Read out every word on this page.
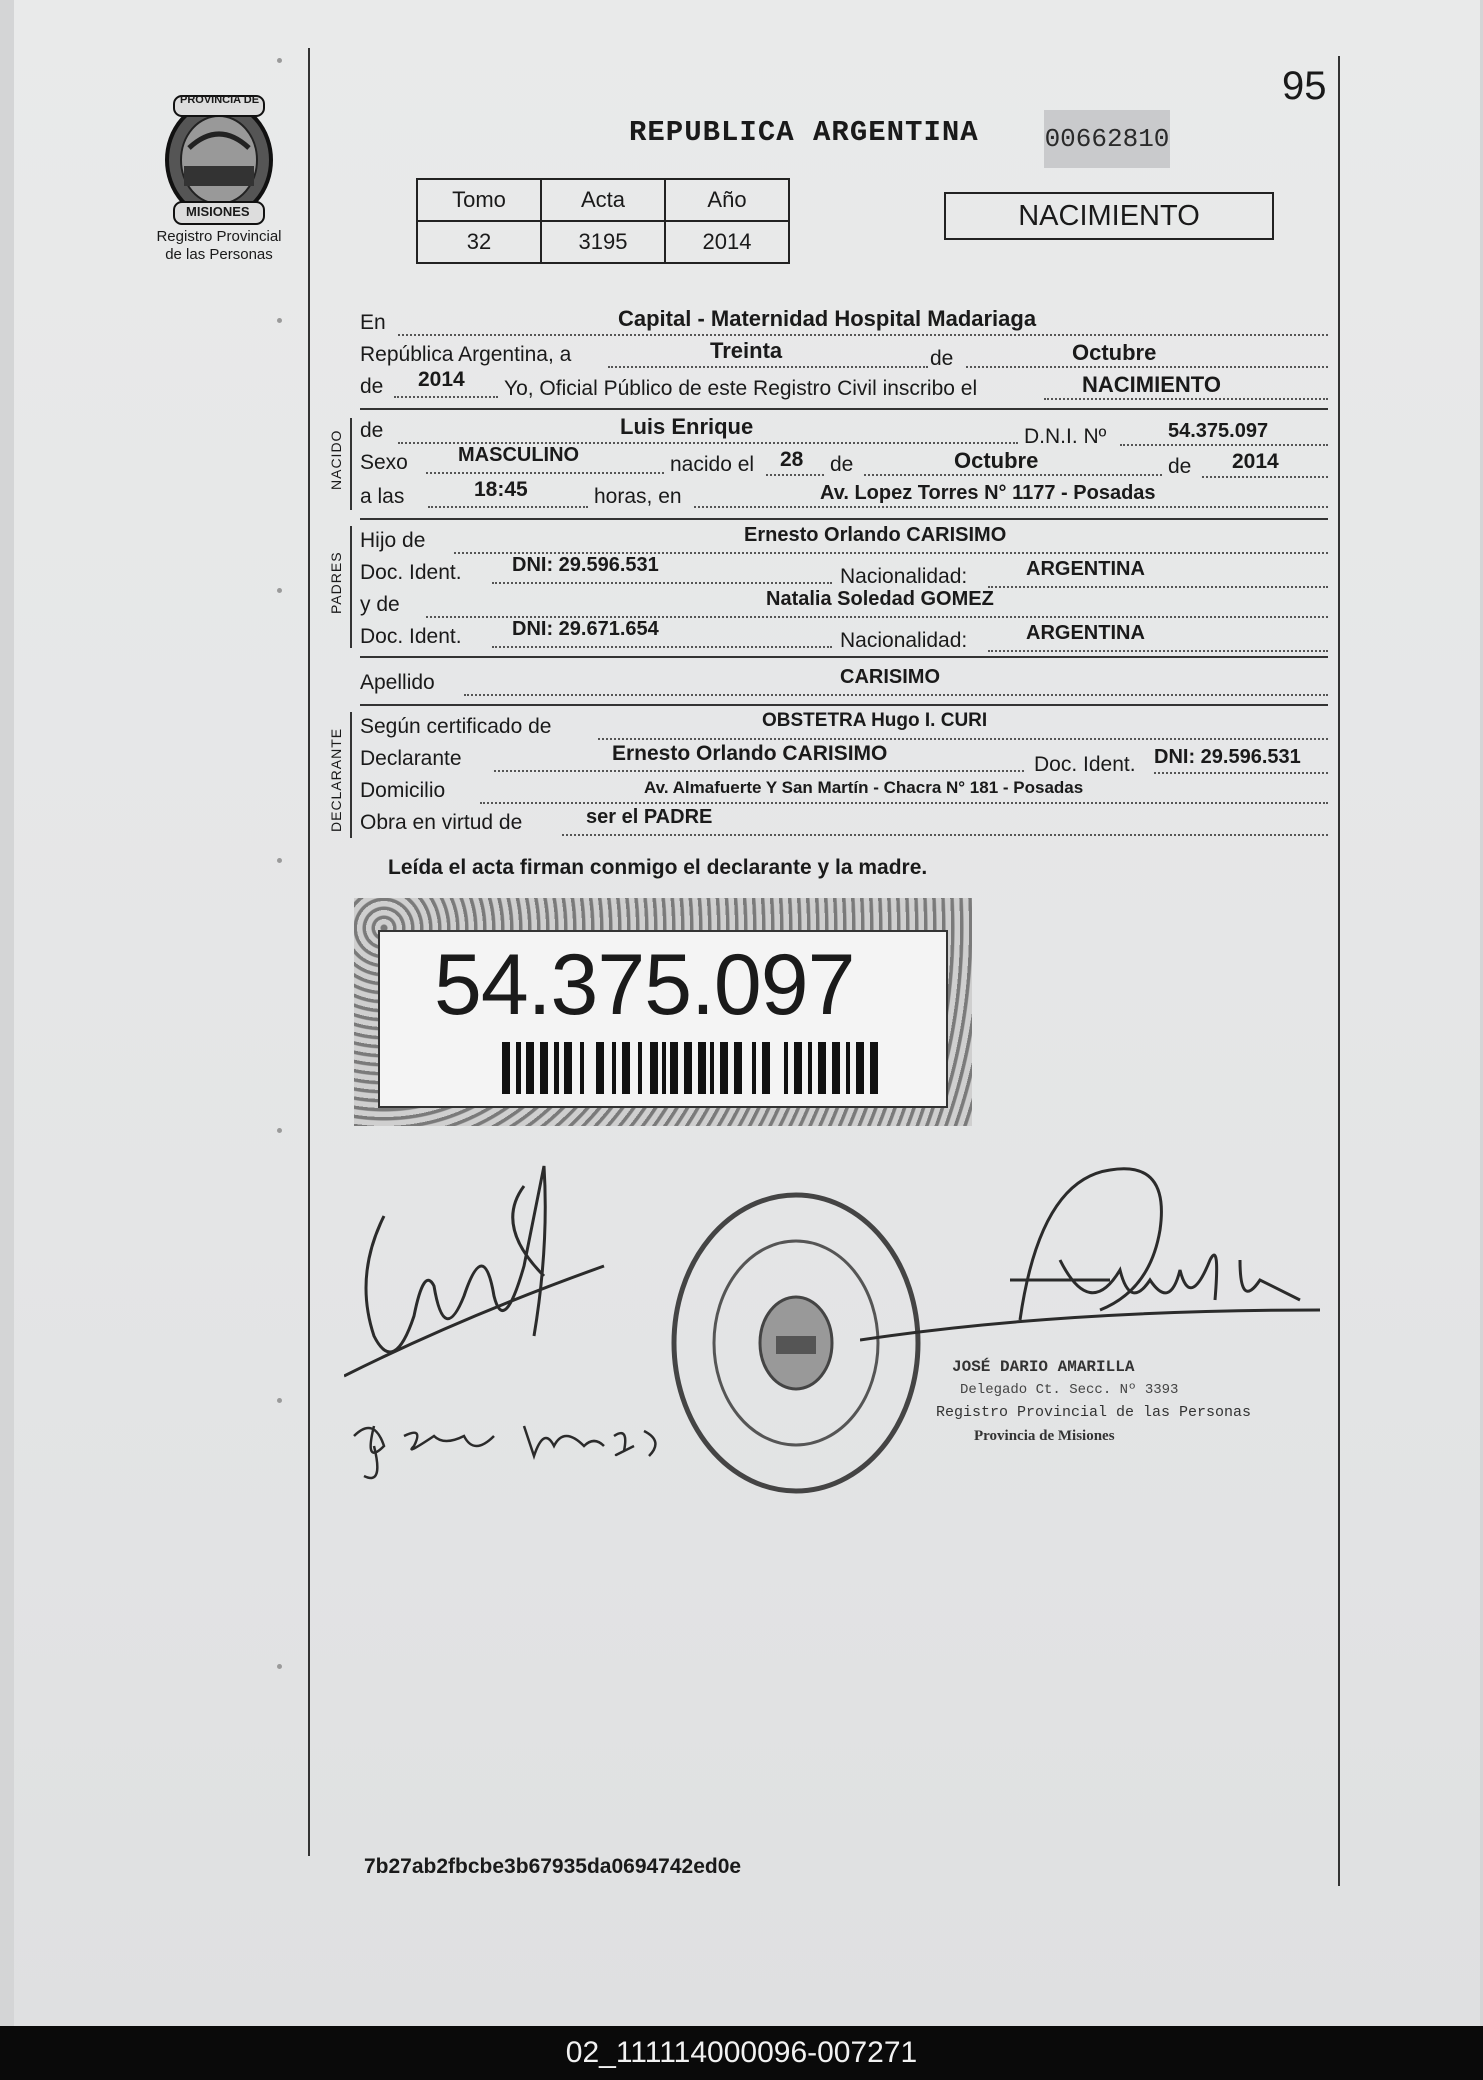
PROVINCIA DE
MISIONES
Registro Provincial
de las Personas
95
REPUBLICA ARGENTINA	00662810
Tomo	Acta	Año
32	3195	2014
NACIMIENTO
En	Capital - Maternidad Hospital Madariaga
República Argentina, a	Treinta	de	Octubre
de 2014 Yo, Oficial Público de este Registro Civil inscribo el	NACIMIENTO
NACIDO de	Luis Enrique	D.N.I. Nº	54.375.097
Sexo	MASCULINO	nacido el 28 de	Octubre	de 2014
a las	18:45	horas, en	Av. Lopez Torres N° 1177 - Posadas
PADRES
Hijo de	Ernesto Orlando CARISIMO
Doc. Ident.	DNI: 29.596.531	Nacionalidad:	ARGENTINA
y de	Natalia Soledad GOMEZ
Doc. Ident.	DNI: 29.671.654	Nacionalidad:	ARGENTINA
Apellido	CARISIMO
DECLARANTE
Según certificado de	OBSTETRA Hugo I. CURI
Declarante	Ernesto Orlando CARISIMO	Doc. Ident. DNI: 29.596.531
Domicilio	Av. Almafuerte Y San Martín - Chacra N° 181 - Posadas
Obra en virtud de	ser el PADRE
Leída el acta firman conmigo el declarante y la madre.
54.375.097
JOSÉ DARIO AMARILLA
Delegado Ct. Secc. Nº 3393
Registro Provincial de las Personas
Provincia de Misiones
7b27ab2fbcbe3b67935da0694742ed0e
02_111114000096-007271
